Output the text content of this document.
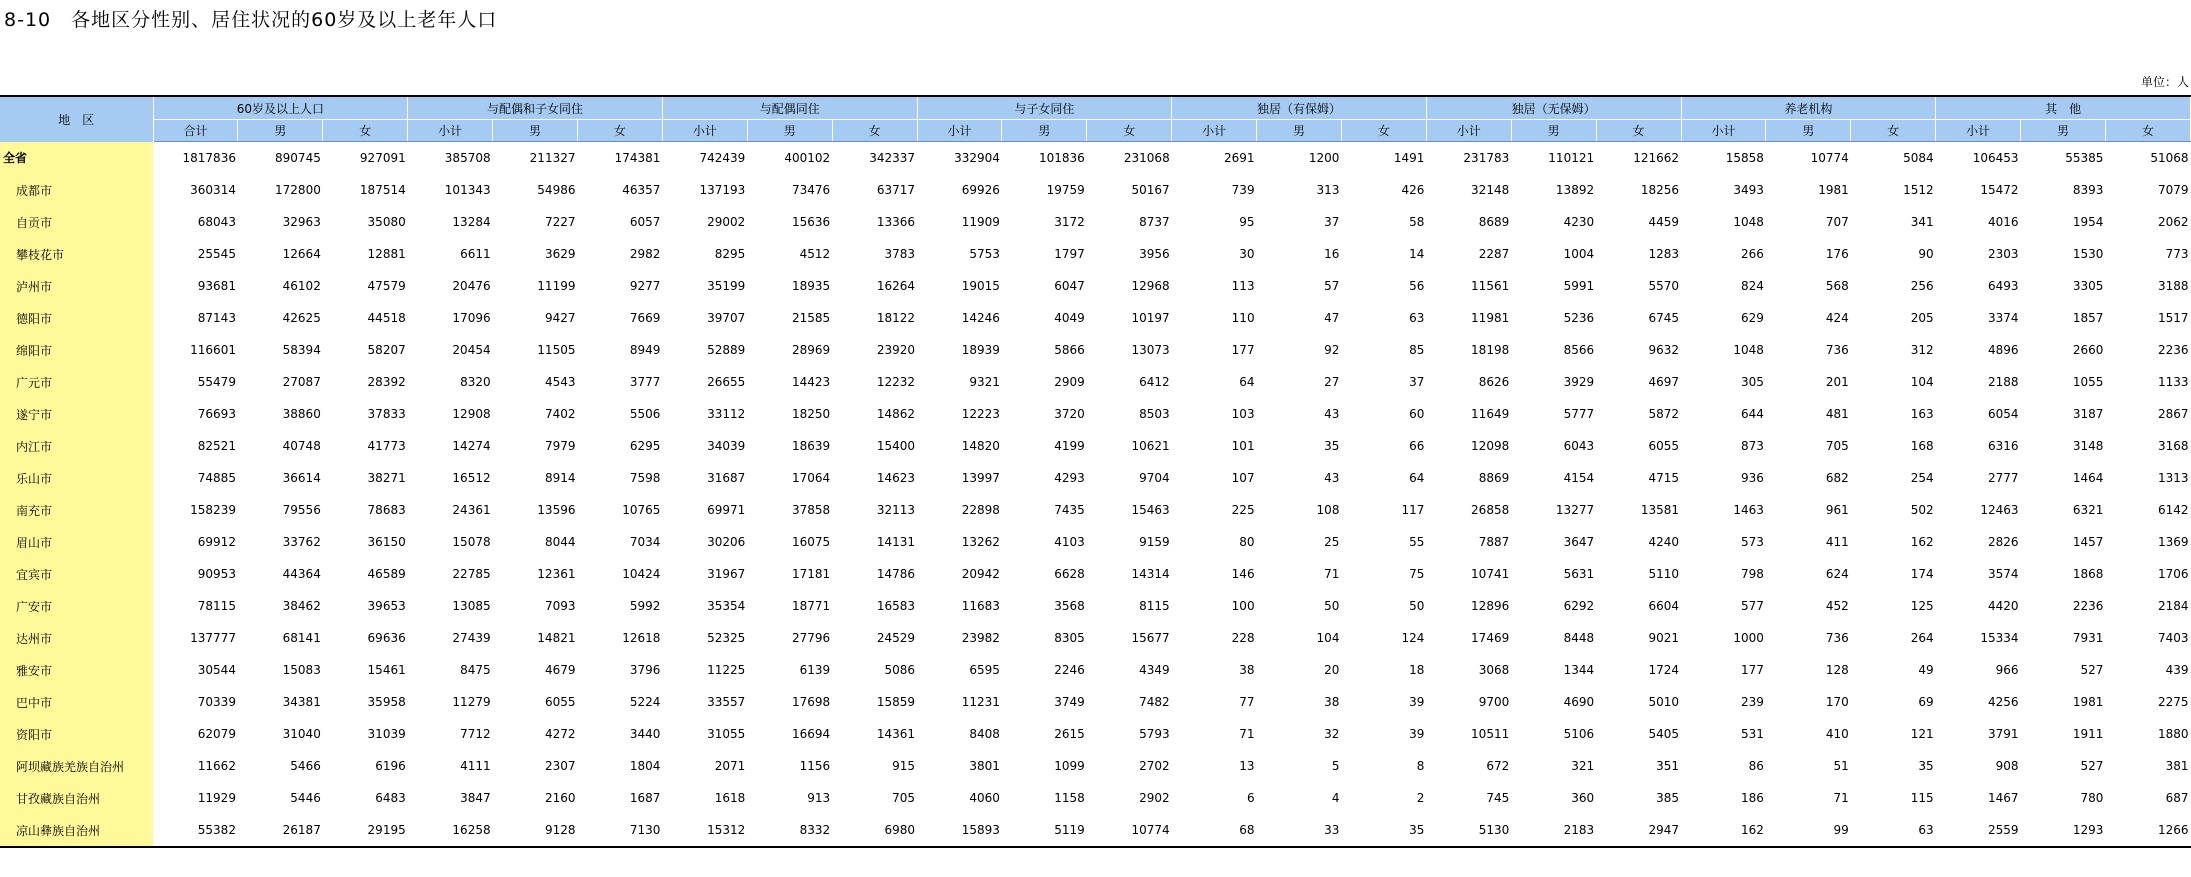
8-10　各地区分性别、居住状况的60岁及以上老年人口
单位：人
地　区	60岁及以上人口			与配偶和子女同住			与配偶同住			与子女同住			独居（有保姆）			独居（无保姆）			养老机构			其　他		
	合计	男	女	小计	男	女	小计	男	女	小计	男	女	小计	男	女	小计	男	女	小计	男	女	小计	男	女
全省	1817836	890745	927091	385708	211327	174381	742439	400102	342337	332904	101836	231068	2691	1200	1491	231783	110121	121662	15858	10774	5084	106453	55385	51068
成都市	360314	172800	187514	101343	54986	46357	137193	73476	63717	69926	19759	50167	739	313	426	32148	13892	18256	3493	1981	1512	15472	8393	7079
自贡市	68043	32963	35080	13284	7227	6057	29002	15636	13366	11909	3172	8737	95	37	58	8689	4230	4459	1048	707	341	4016	1954	2062
攀枝花市	25545	12664	12881	6611	3629	2982	8295	4512	3783	5753	1797	3956	30	16	14	2287	1004	1283	266	176	90	2303	1530	773
泸州市	93681	46102	47579	20476	11199	9277	35199	18935	16264	19015	6047	12968	113	57	56	11561	5991	5570	824	568	256	6493	3305	3188
德阳市	87143	42625	44518	17096	9427	7669	39707	21585	18122	14246	4049	10197	110	47	63	11981	5236	6745	629	424	205	3374	1857	1517
绵阳市	116601	58394	58207	20454	11505	8949	52889	28969	23920	18939	5866	13073	177	92	85	18198	8566	9632	1048	736	312	4896	2660	2236
广元市	55479	27087	28392	8320	4543	3777	26655	14423	12232	9321	2909	6412	64	27	37	8626	3929	4697	305	201	104	2188	1055	1133
遂宁市	76693	38860	37833	12908	7402	5506	33112	18250	14862	12223	3720	8503	103	43	60	11649	5777	5872	644	481	163	6054	3187	2867
内江市	82521	40748	41773	14274	7979	6295	34039	18639	15400	14820	4199	10621	101	35	66	12098	6043	6055	873	705	168	6316	3148	3168
乐山市	74885	36614	38271	16512	8914	7598	31687	17064	14623	13997	4293	9704	107	43	64	8869	4154	4715	936	682	254	2777	1464	1313
南充市	158239	79556	78683	24361	13596	10765	69971	37858	32113	22898	7435	15463	225	108	117	26858	13277	13581	1463	961	502	12463	6321	6142
眉山市	69912	33762	36150	15078	8044	7034	30206	16075	14131	13262	4103	9159	80	25	55	7887	3647	4240	573	411	162	2826	1457	1369
宜宾市	90953	44364	46589	22785	12361	10424	31967	17181	14786	20942	6628	14314	146	71	75	10741	5631	5110	798	624	174	3574	1868	1706
广安市	78115	38462	39653	13085	7093	5992	35354	18771	16583	11683	3568	8115	100	50	50	12896	6292	6604	577	452	125	4420	2236	2184
达州市	137777	68141	69636	27439	14821	12618	52325	27796	24529	23982	8305	15677	228	104	124	17469	8448	9021	1000	736	264	15334	7931	7403
雅安市	30544	15083	15461	8475	4679	3796	11225	6139	5086	6595	2246	4349	38	20	18	3068	1344	1724	177	128	49	966	527	439
巴中市	70339	34381	35958	11279	6055	5224	33557	17698	15859	11231	3749	7482	77	38	39	9700	4690	5010	239	170	69	4256	1981	2275
资阳市	62079	31040	31039	7712	4272	3440	31055	16694	14361	8408	2615	5793	71	32	39	10511	5106	5405	531	410	121	3791	1911	1880
阿坝藏族羌族自治州	11662	5466	6196	4111	2307	1804	2071	1156	915	3801	1099	2702	13	5	8	672	321	351	86	51	35	908	527	381
甘孜藏族自治州	11929	5446	6483	3847	2160	1687	1618	913	705	4060	1158	2902	6	4	2	745	360	385	186	71	115	1467	780	687
凉山彝族自治州	55382	26187	29195	16258	9128	7130	15312	8332	6980	15893	5119	10774	68	33	35	5130	2183	2947	162	99	63	2559	1293	1266
